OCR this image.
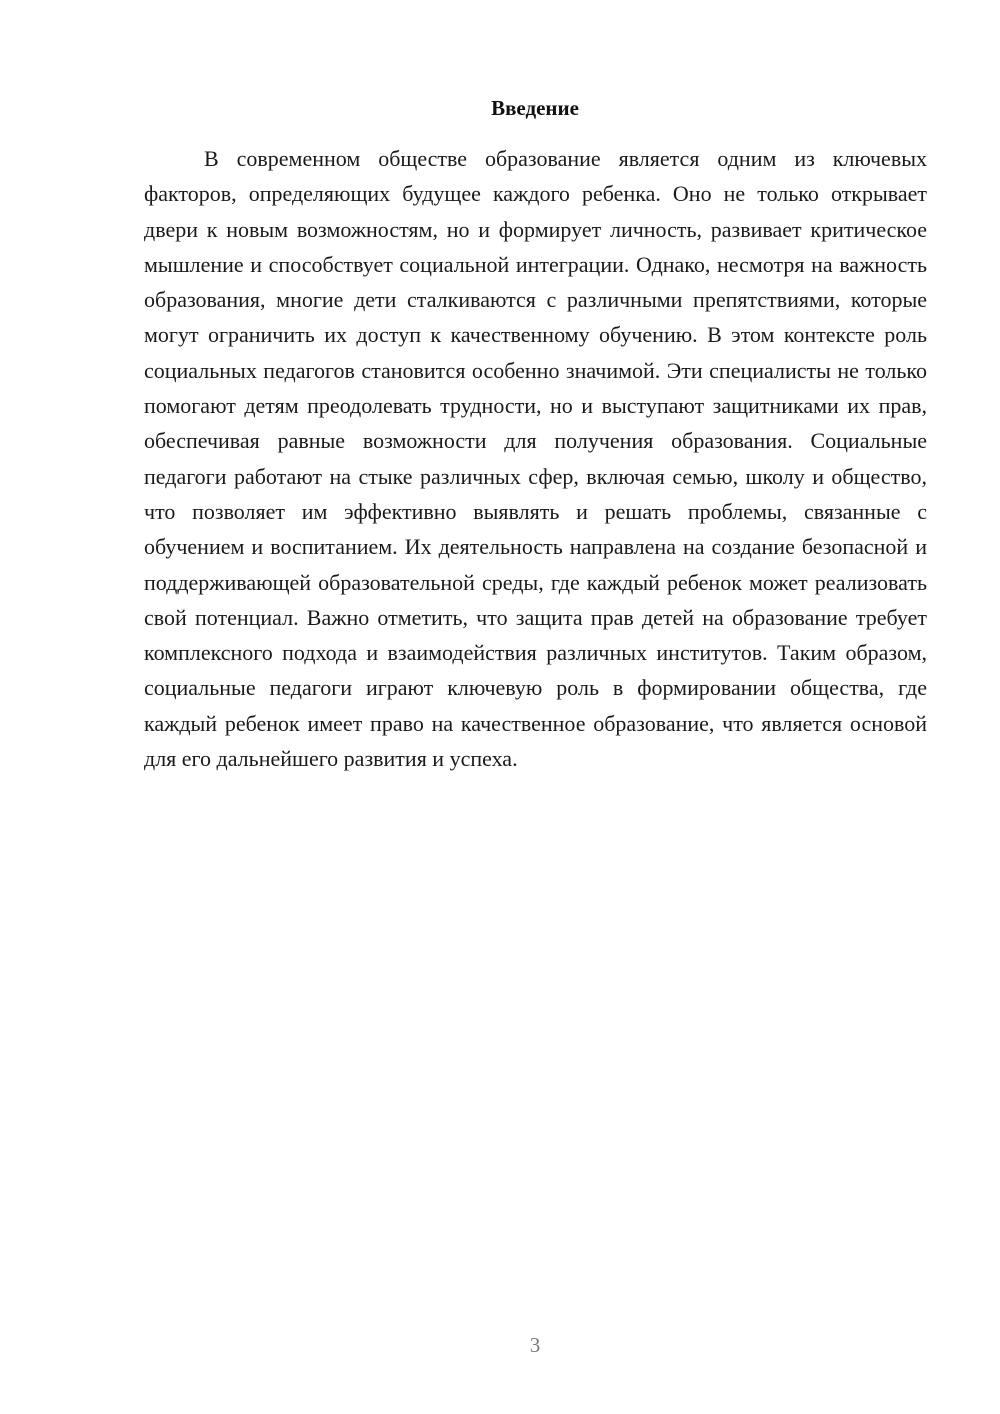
Введение

В современном обществе образование является одним из ключевых факторов, определяющих будущее каждого ребенка. Оно не только открывает двери к новым возможностям, но и формирует личность, развивает критическое мышление и способствует социальной интеграции. Однако, несмотря на важность образования, многие дети сталкиваются с различными препятствиями, которые могут ограничить их доступ к качественному обучению. В этом контексте роль социальных педагогов становится особенно значимой. Эти специалисты не только помогают детям преодолевать трудности, но и выступают защитниками их прав, обеспечивая равные возможности для получения образования. Социальные педагоги работают на стыке различных сфер, включая семью, школу и общество, что позволяет им эффективно выявлять и решать проблемы, связанные с обучением и воспитанием. Их деятельность направлена на создание безопасной и поддерживающей образовательной среды, где каждый ребенок может реализовать свой потенциал. Важно отметить, что защита прав детей на образование требует комплексного подхода и взаимодействия различных институтов. Таким образом, социальные педагоги играют ключевую роль в формировании общества, где каждый ребенок имеет право на качественное образование, что является основой для его дальнейшего развития и успеха.

3
